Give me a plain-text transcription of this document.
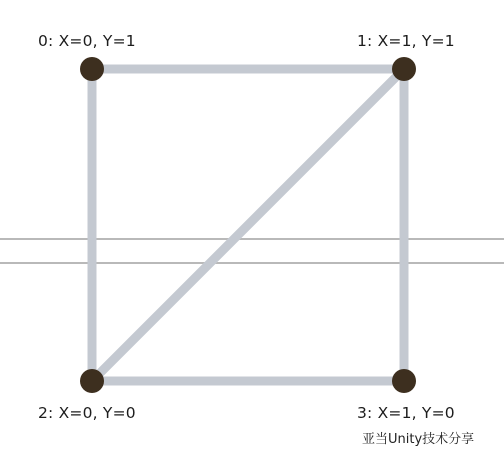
0: X=0, Y=1	1: X=1, Y=1
2: X=0, Y=0	3: X=1, Y=0
亚当Unity技术分享
